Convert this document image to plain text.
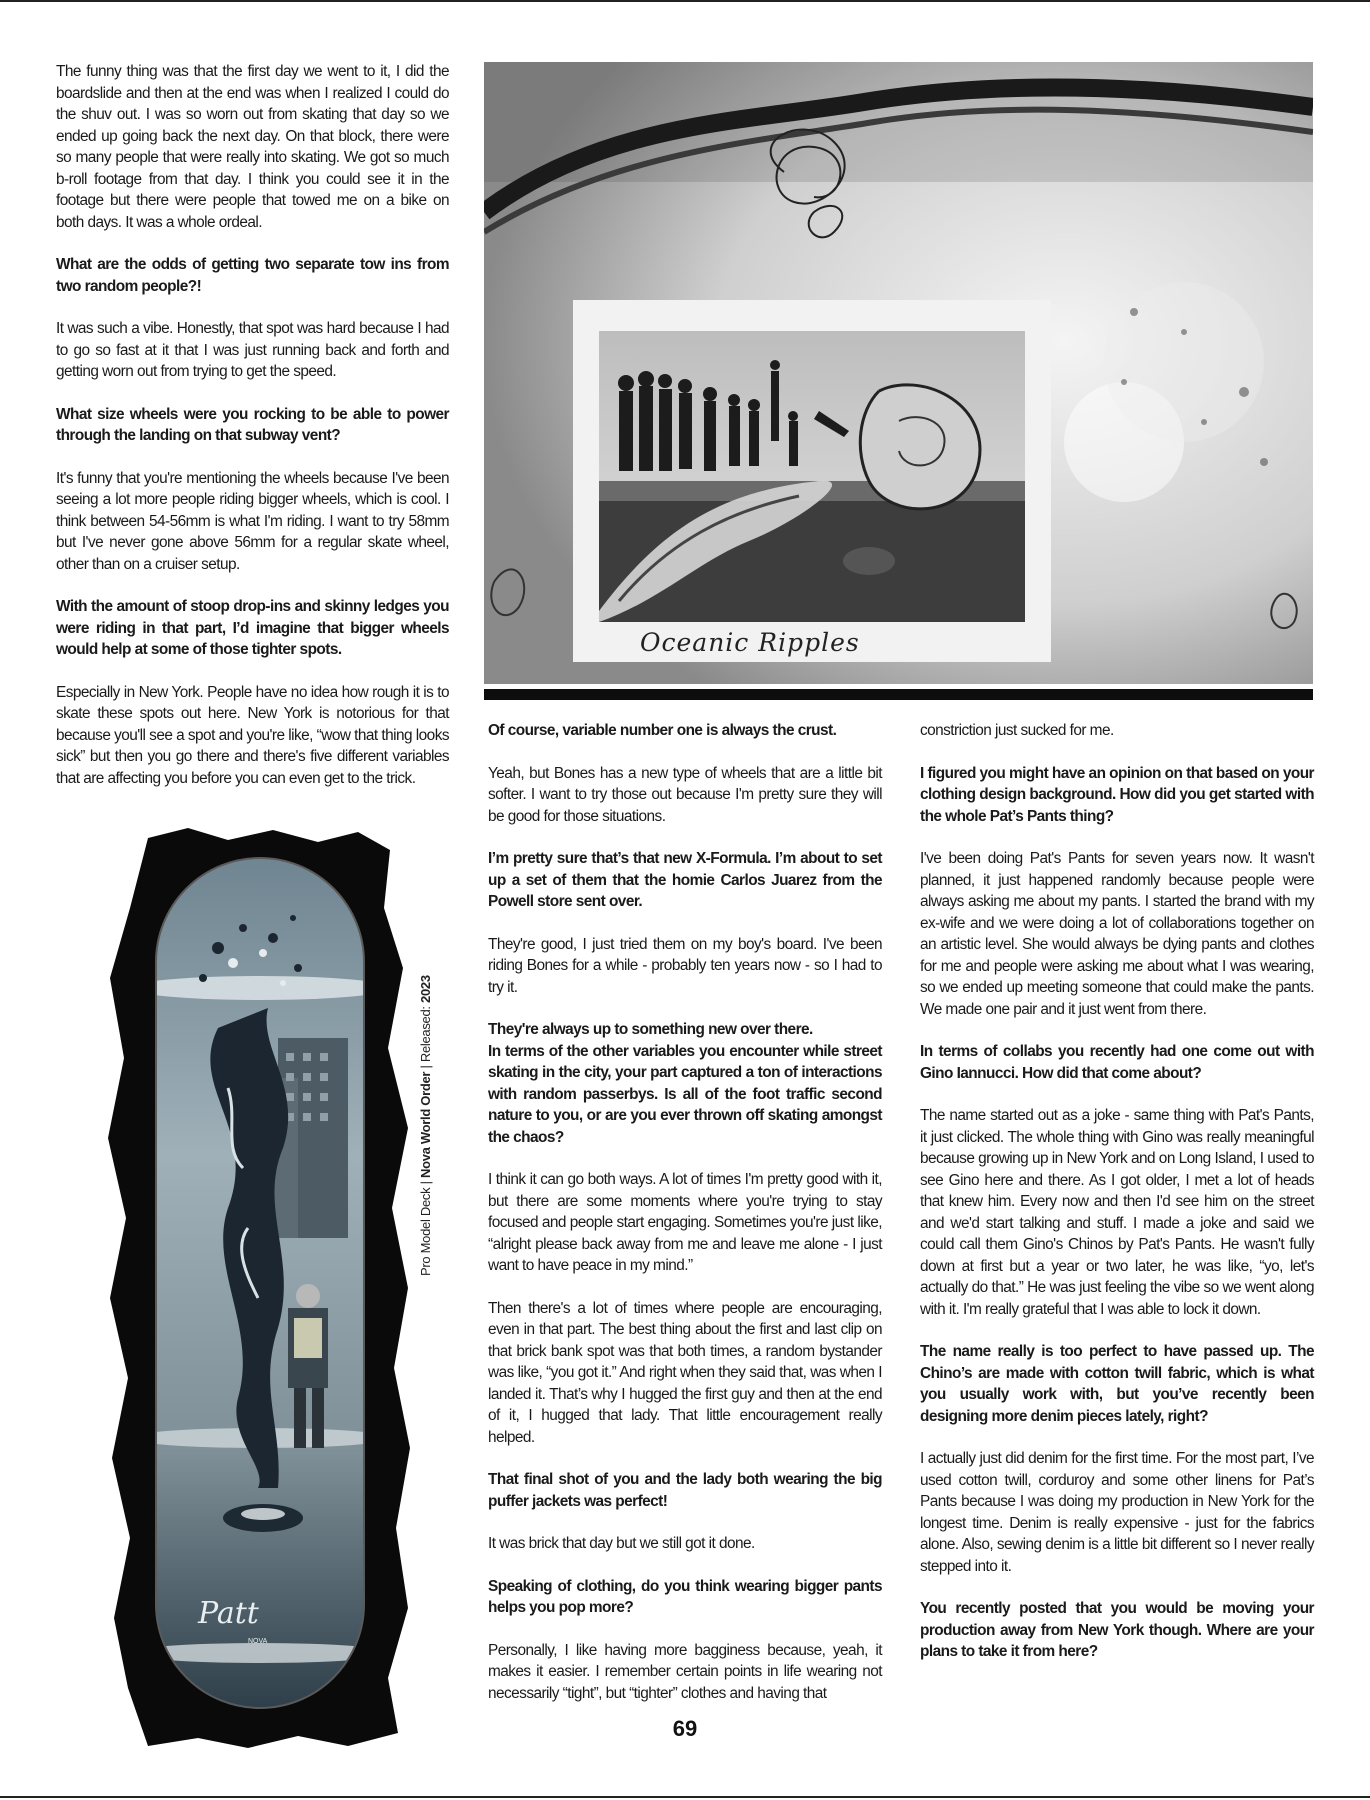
The funny thing was that the first day we went to it, I did the boardslide and then at the end was when I realized I could do the shuv out. I was so worn out from skating that day so we ended up going back the next day. On that block, there were so many people that were really into skating. We got so much b-roll footage from that day. I think you could see it in the footage but there were people that towed me on a bike on both days. It was a whole ordeal.

What are the odds of getting two separate tow ins from two random people?!

It was such a vibe. Honestly, that spot was hard because I had to go so fast at it that I was just running back and forth and getting worn out from trying to get the speed.

What size wheels were you rocking to be able to power through the landing on that subway vent?

It's funny that you're mentioning the wheels because I've been seeing a lot more people riding bigger wheels, which is cool. I think between 54-56mm is what I'm riding. I want to try 58mm but I've never gone above 56mm for a regular skate wheel, other than on a cruiser setup.

With the amount of stoop drop-ins and skinny ledges you were riding in that part, I’d imagine that bigger wheels would help at some of those tighter spots.

Especially in New York. People have no idea how rough it is to skate these spots out here. New York is notorious for that because you'll see a spot and you're like, “wow that thing looks sick” but then you go there and there's five different variables that are affecting you before you can even get to the trick.

Oceanic Ripples

Of course, variable number one is always the crust.

Yeah, but Bones has a new type of wheels that are a little bit softer. I want to try those out because I'm pretty sure they will be good for those situations.

I’m pretty sure that’s that new X-Formula. I’m about to set up a set of them that the homie Carlos Juarez from the Powell store sent over.

They're good, I just tried them on my boy's board. I've been riding Bones for a while - probably ten years now - so I had to try it.

They're always up to something new over there.

In terms of the other variables you encounter while street skating in the city, your part captured a ton of interactions with random passerbys. Is all of the foot traffic second nature to you, or are you ever thrown off skating amongst the chaos?

I think it can go both ways. A lot of times I'm pretty good with it, but there are some moments where you're trying to stay focused and people start engaging. Sometimes you're just like, “alright please back away from me and leave me alone - I just want to have peace in my mind.”

Then there's a lot of times where people are encouraging, even in that part. The best thing about the first and last clip on that brick bank spot was that both times, a random bystander was like, “you got it.” And right when they said that, was when I landed it. That’s why I hugged the first guy and then at the end of it, I hugged that lady. That little encouragement really helped.

That final shot of you and the lady both wearing the big puffer jackets was perfect!

It was brick that day but we still got it done.

Speaking of clothing, do you think wearing bigger pants helps you pop more?

Personally, I like having more bagginess because, yeah, it makes it easier. I remember certain points in life wearing not necessarily “tight”, but “tighter” clothes and having that

constriction just sucked for me.

I figured you might have an opinion on that based on your clothing design background. How did you get started with the whole Pat’s Pants thing?

I've been doing Pat's Pants for seven years now. It wasn't planned, it just happened randomly because people were always asking me about my pants. I started the brand with my ex-wife and we were doing a lot of collaborations together on an artistic level. She would always be dying pants and clothes for me and people were asking me about what I was wearing, so we ended up meeting someone that could make the pants. We made one pair and it just went from there.

In terms of collabs you recently had one come out with Gino Iannucci. How did that come about?

The name started out as a joke - same thing with Pat's Pants, it just clicked. The whole thing with Gino was really meaningful because growing up in New York and on Long Island, I used to see Gino here and there. As I got older, I met a lot of heads that knew him. Every now and then I'd see him on the street and we'd start talking and stuff. I made a joke and said we could call them Gino's Chinos by Pat's Pants. He wasn't fully down at first but a year or two later, he was like, “yo, let's actually do that.” He was just feeling the vibe so we went along with it. I'm really grateful that I was able to lock it down.

The name really is too perfect to have passed up. The Chino’s are made with cotton twill fabric, which is what you usually work with, but you’ve recently been designing more denim pieces lately, right?

I actually just did denim for the first time. For the most part, I’ve used cotton twill, corduroy and some other linens for Pat’s Pants because I was doing my production in New York for the longest time. Denim is really expensive - just for the fabrics alone. Also, sewing denim is a little bit different so I never really stepped into it.

You recently posted that you would be moving your production away from New York though. Where are your plans to take it from here?

Patt
NOVA
Pro Model Deck | Nova World Order | Released: 2023
69
